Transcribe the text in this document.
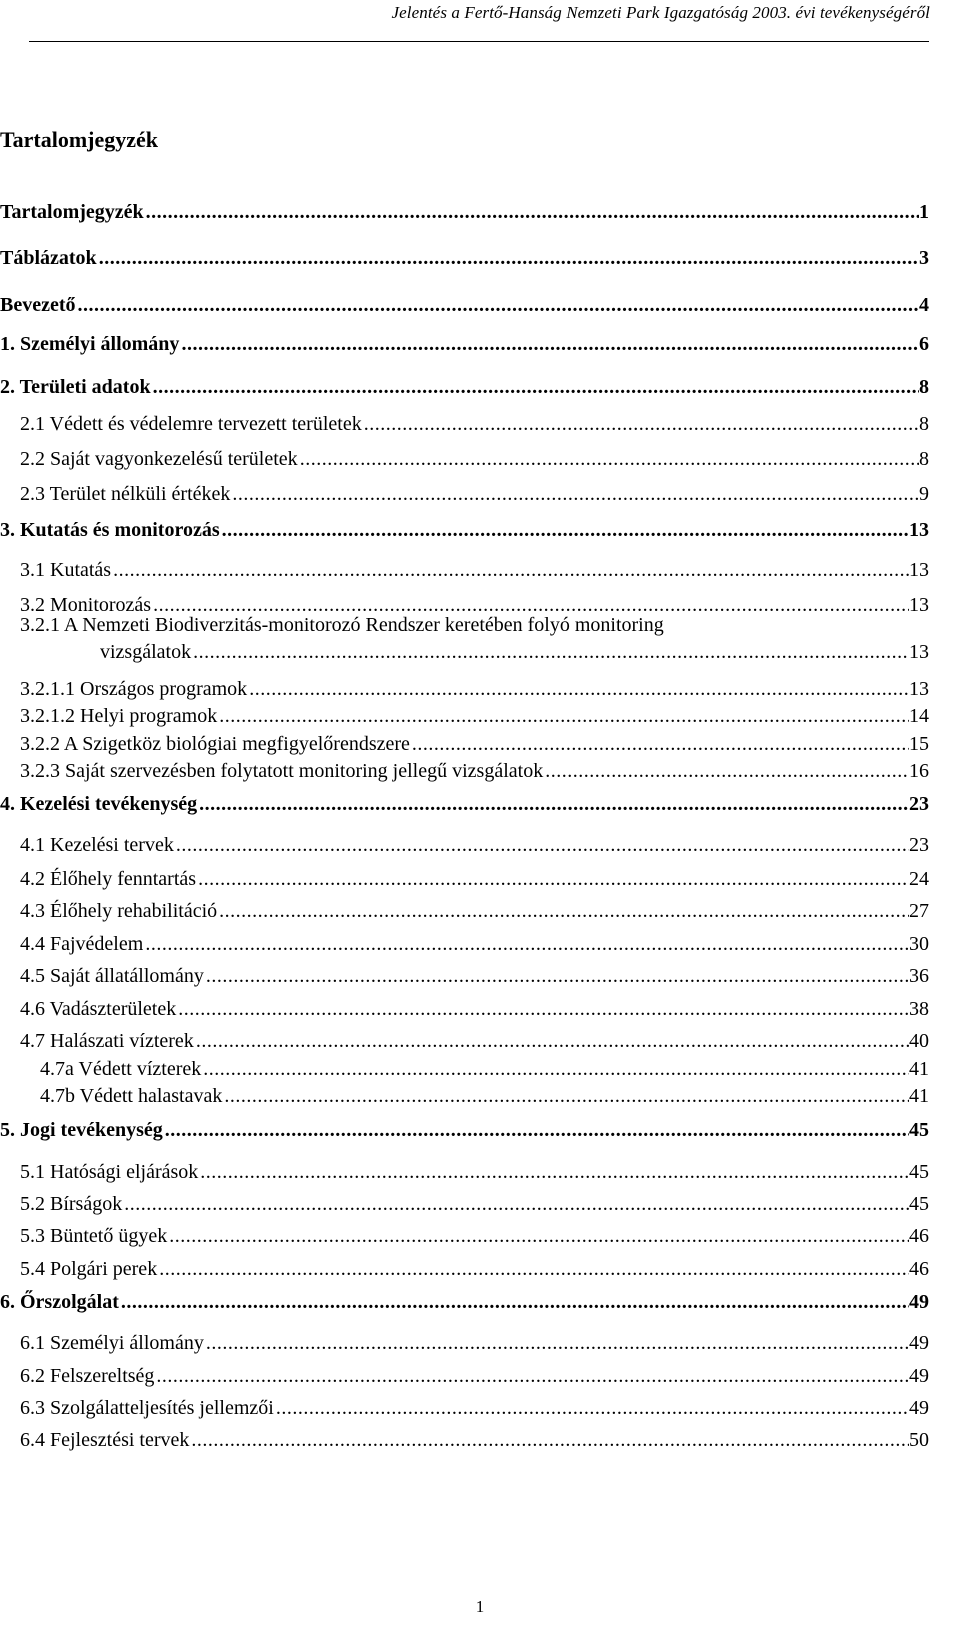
Jelentés a Fertő-Hanság Nemzeti Park Igazgatóság 2003. évi tevékenységéről
Tartalomjegyzék
Tartalomjegyzék .....	1
Táblázatok .....	3
Bevezető .....	4
1. Személyi állomány .....	6
2. Területi adatok .....	8
2.1 Védett és védelemre tervezett területek .....	8
2.2 Saját vagyonkezelésű területek .....	8
2.3 Terület nélküli értékek .....	9
3. Kutatás és monitorozás .....	13
3.1 Kutatás .....	13
3.2 Monitorozás .....	13
3.2.1 A Nemzeti Biodiverzitás-monitorozó Rendszer keretében folyó monitoring
vizsgálatok .....	13
3.2.1.1 Országos programok .....	13
3.2.1.2 Helyi programok .....	14
3.2.2 A Szigetköz biológiai megfigyelőrendszere .....	15
3.2.3 Saját szervezésben folytatott monitoring jellegű vizsgálatok .....	16
4. Kezelési tevékenység .....	23
4.1 Kezelési tervek .....	23
4.2 Élőhely fenntartás .....	24
4.3 Élőhely rehabilitáció .....	27
4.4 Fajvédelem .....	30
4.5 Saját állatállomány .....	36
4.6 Vadászterületek .....	38
4.7 Halászati vízterek .....	40
4.7a Védett vízterek .....	41
4.7b Védett halastavak .....	41
5. Jogi tevékenység .....	45
5.1 Hatósági eljárások .....	45
5.2 Bírságok .....	45
5.3 Büntető ügyek .....	46
5.4 Polgári perek .....	46
6. Őrszolgálat .....	49
6.1 Személyi állomány .....	49
6.2 Felszereltség .....	49
6.3 Szolgálatteljesítés jellemzői .....	49
6.4 Fejlesztési tervek .....	50
1
